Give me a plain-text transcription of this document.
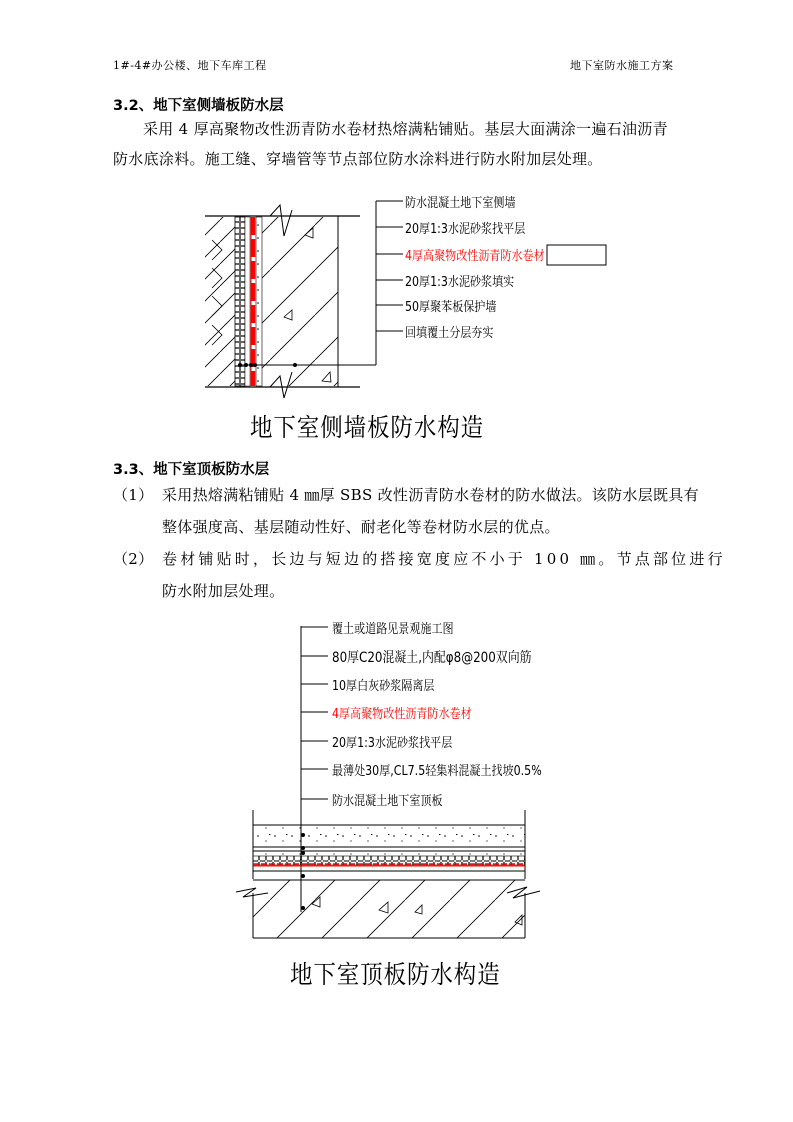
1#-4#办公楼、地下车库工程	地下室防水施工方案
3.2、地下室侧墙板防水层
采用 4 厚高聚物改性沥青防水卷材热熔满粘铺贴。基层大面满涂一遍石油沥青
防水底涂料。施工缝、穿墙管等节点部位防水涂料进行防水附加层处理。
防水混凝土地下室侧墙
20厚1:3水泥砂浆找平层
4厚高聚物改性沥青防水卷材
20厚1:3水泥砂浆填实
50厚聚苯板保护墙
回填覆土分层夯实
地下室侧墙板防水构造
3.3、地下室顶板防水层
（1） 采用热熔满粘铺贴 4 ㎜厚 SBS 改性沥青防水卷材的防水做法。该防水层既具有
整体强度高、基层随动性好、耐老化等卷材防水层的优点。
（2） 卷材铺贴时，长边与短边的搭接宽度应不小于 100 ㎜。节点部位进行
防水附加层处理。
覆土或道路见景观施工图
80厚C20混凝土,内配φ8@200双向筋
10厚白灰砂浆隔离层
4厚高聚物改性沥青防水卷材
20厚1:3水泥砂浆找平层
最薄处30厚,CL7.5轻集料混凝土找坡0.5%
防水混凝土地下室顶板
地下室顶板防水构造
